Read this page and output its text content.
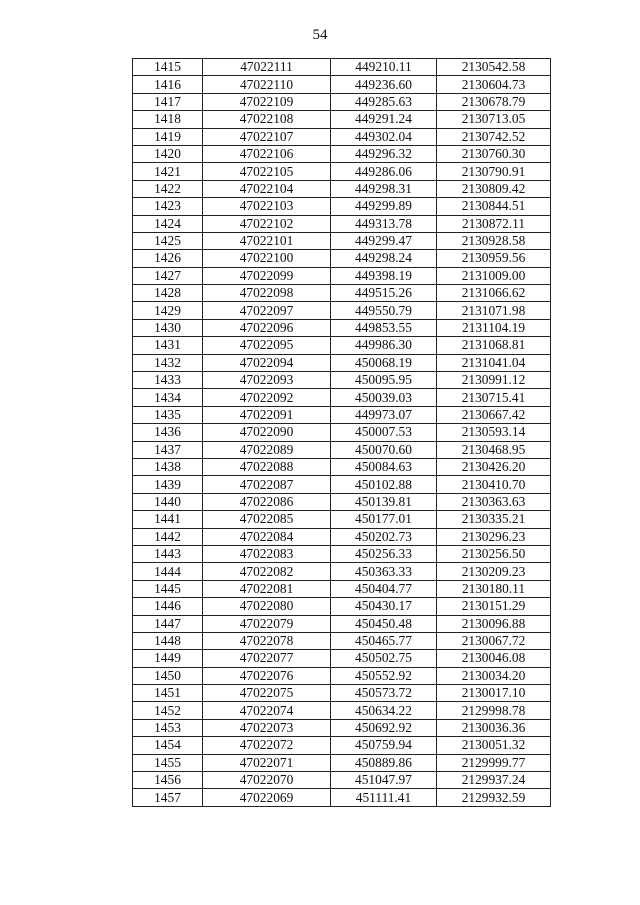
54
1415	47022111	449210.11	2130542.58
1416	47022110	449236.60	2130604.73
1417	47022109	449285.63	2130678.79
1418	47022108	449291.24	2130713.05
1419	47022107	449302.04	2130742.52
1420	47022106	449296.32	2130760.30
1421	47022105	449286.06	2130790.91
1422	47022104	449298.31	2130809.42
1423	47022103	449299.89	2130844.51
1424	47022102	449313.78	2130872.11
1425	47022101	449299.47	2130928.58
1426	47022100	449298.24	2130959.56
1427	47022099	449398.19	2131009.00
1428	47022098	449515.26	2131066.62
1429	47022097	449550.79	2131071.98
1430	47022096	449853.55	2131104.19
1431	47022095	449986.30	2131068.81
1432	47022094	450068.19	2131041.04
1433	47022093	450095.95	2130991.12
1434	47022092	450039.03	2130715.41
1435	47022091	449973.07	2130667.42
1436	47022090	450007.53	2130593.14
1437	47022089	450070.60	2130468.95
1438	47022088	450084.63	2130426.20
1439	47022087	450102.88	2130410.70
1440	47022086	450139.81	2130363.63
1441	47022085	450177.01	2130335.21
1442	47022084	450202.73	2130296.23
1443	47022083	450256.33	2130256.50
1444	47022082	450363.33	2130209.23
1445	47022081	450404.77	2130180.11
1446	47022080	450430.17	2130151.29
1447	47022079	450450.48	2130096.88
1448	47022078	450465.77	2130067.72
1449	47022077	450502.75	2130046.08
1450	47022076	450552.92	2130034.20
1451	47022075	450573.72	2130017.10
1452	47022074	450634.22	2129998.78
1453	47022073	450692.92	2130036.36
1454	47022072	450759.94	2130051.32
1455	47022071	450889.86	2129999.77
1456	47022070	451047.97	2129937.24
1457	47022069	451111.41	2129932.59
